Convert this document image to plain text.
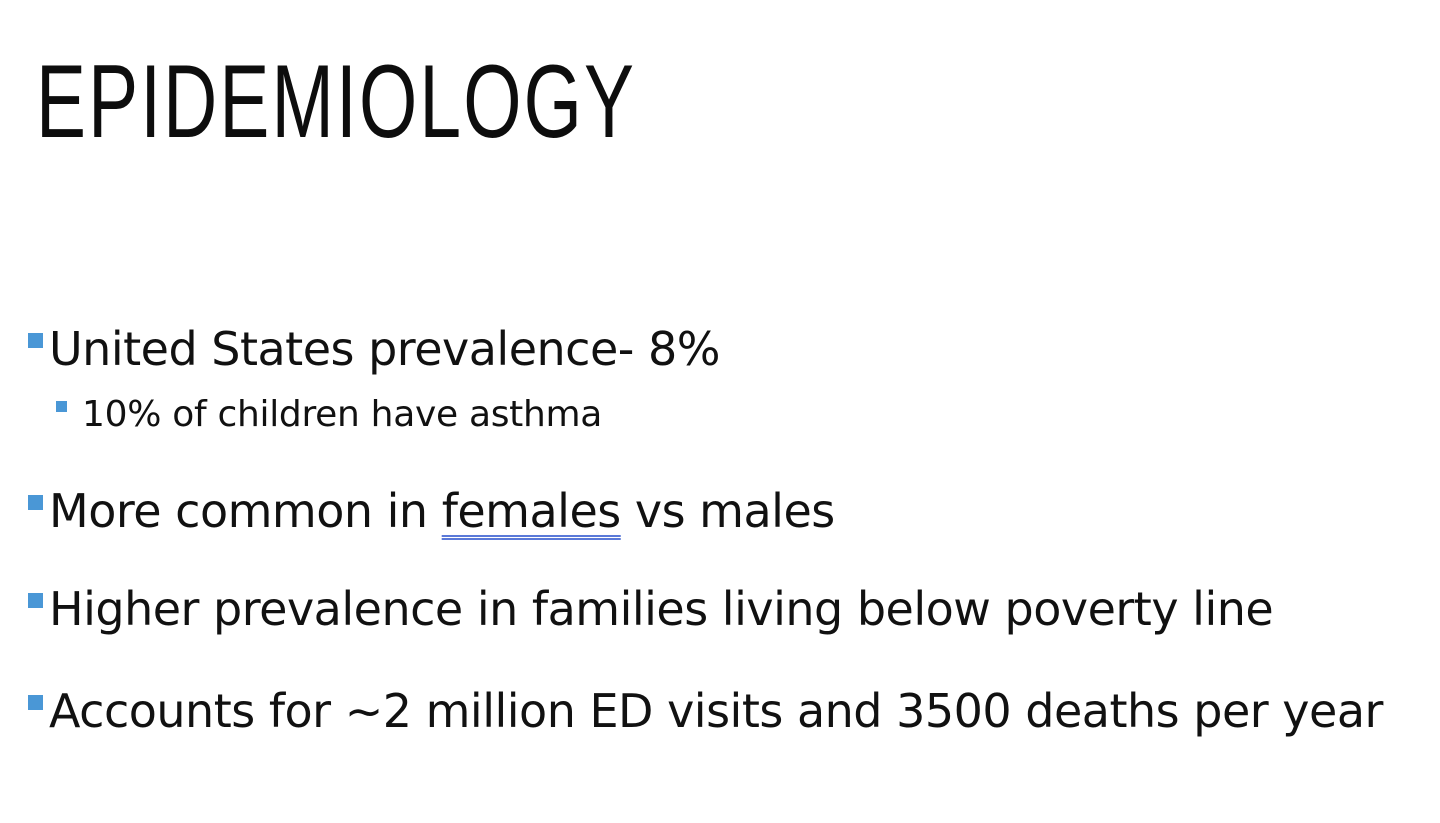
EPIDEMIOLOGY
United States prevalence- 8%
10% of children have asthma
More common in females vs males
Higher prevalence in families living below poverty line
Accounts for ~2 million ED visits and 3500 deaths per year
